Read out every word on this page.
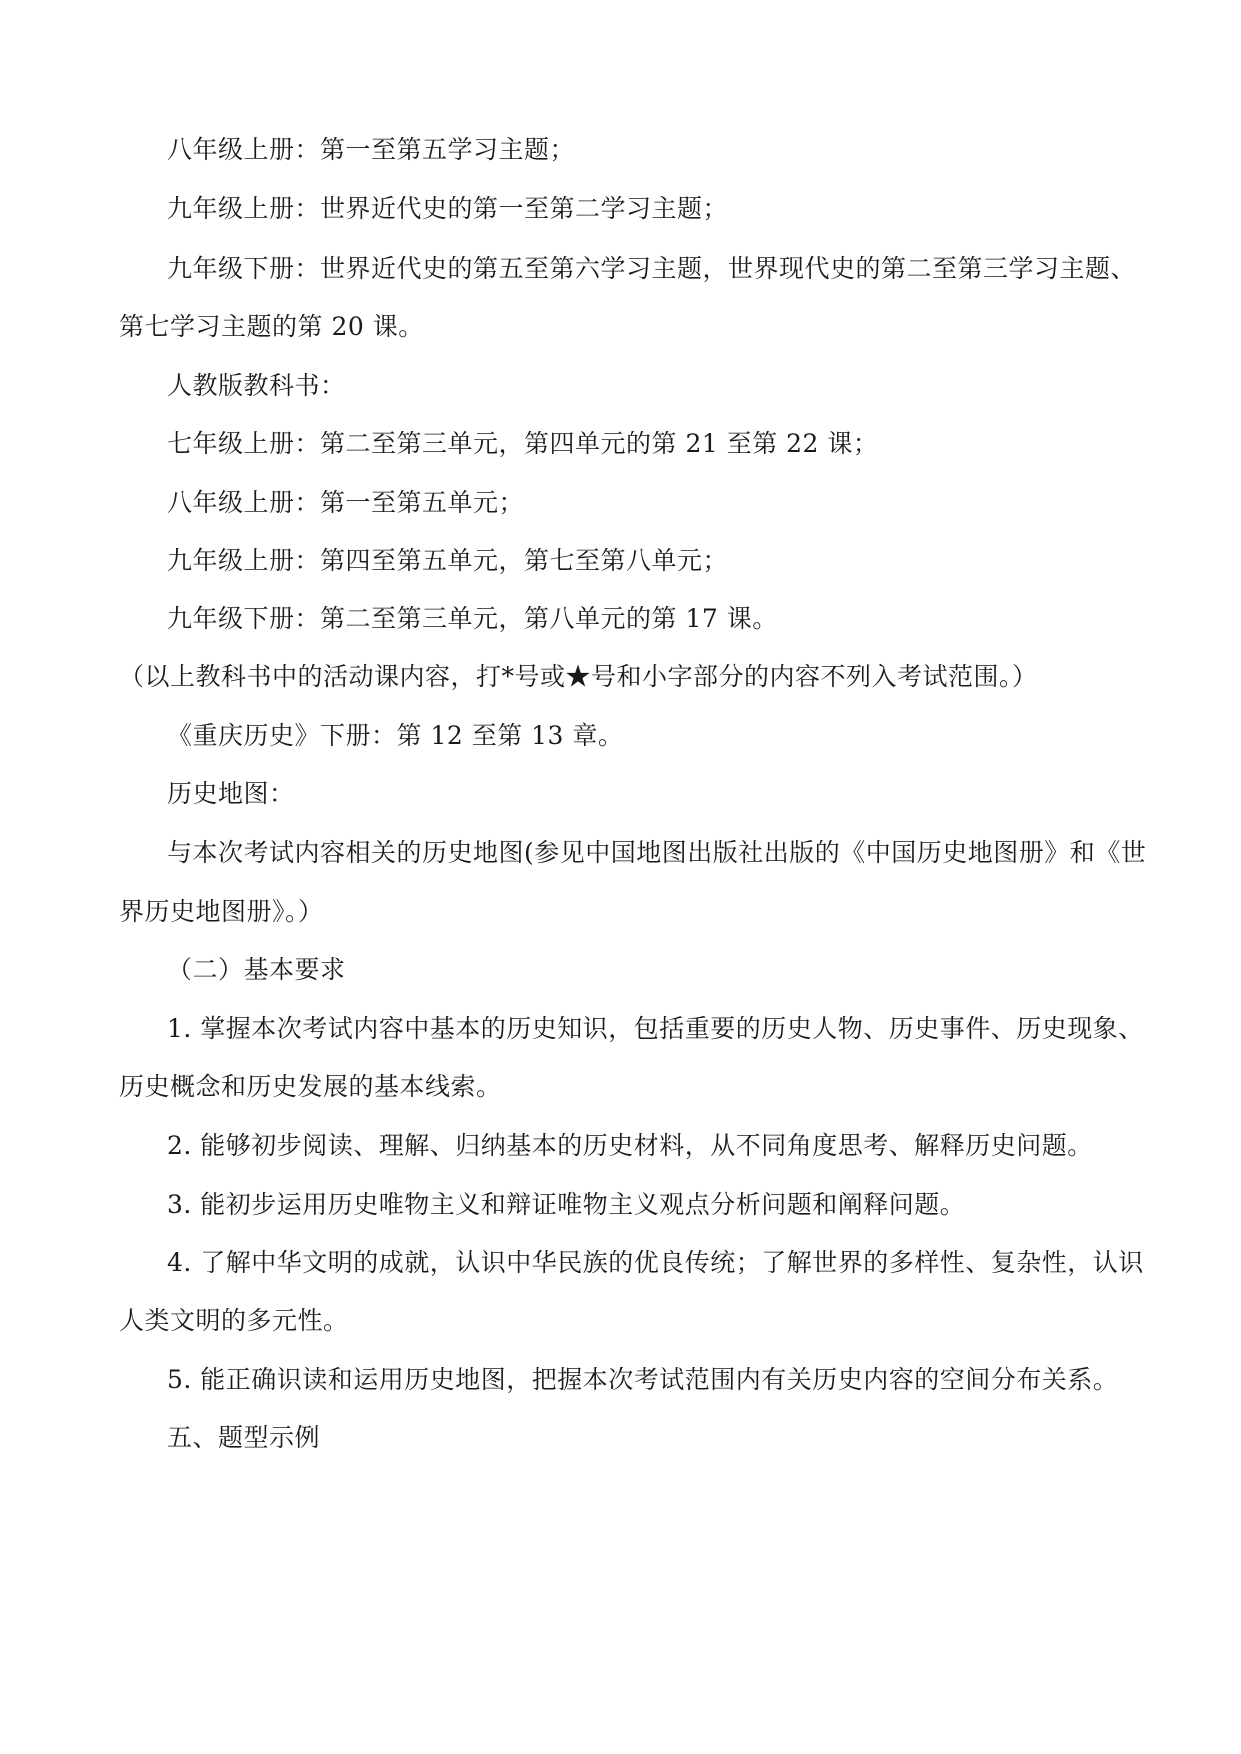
八年级上册：第一至第五学习主题；
九年级上册：世界近代史的第一至第二学习主题；
九年级下册：世界近代史的第五至第六学习主题，世界现代史的第二至第三学习主题、
第七学习主题的第 20 课。
人教版教科书：
七年级上册：第二至第三单元，第四单元的第 21 至第 22 课；
八年级上册：第一至第五单元；
九年级上册：第四至第五单元，第七至第八单元；
九年级下册：第二至第三单元，第八单元的第 17 课。
（以上教科书中的活动课内容，打*号或★号和小字部分的内容不列入考试范围。）
《重庆历史》下册：第 12 至第 13 章。
历史地图：
与本次考试内容相关的历史地图(参见中国地图出版社出版的《中国历史地图册》和《世
界历史地图册》。）
（二）基本要求
1. 掌握本次考试内容中基本的历史知识，包括重要的历史人物、历史事件、历史现象、
历史概念和历史发展的基本线索。
2. 能够初步阅读、理解、归纳基本的历史材料，从不同角度思考、解释历史问题。
3. 能初步运用历史唯物主义和辩证唯物主义观点分析问题和阐释问题。
4. 了解中华文明的成就，认识中华民族的优良传统；了解世界的多样性、复杂性，认识
人类文明的多元性。
5. 能正确识读和运用历史地图，把握本次考试范围内有关历史内容的空间分布关系。
五、题型示例
